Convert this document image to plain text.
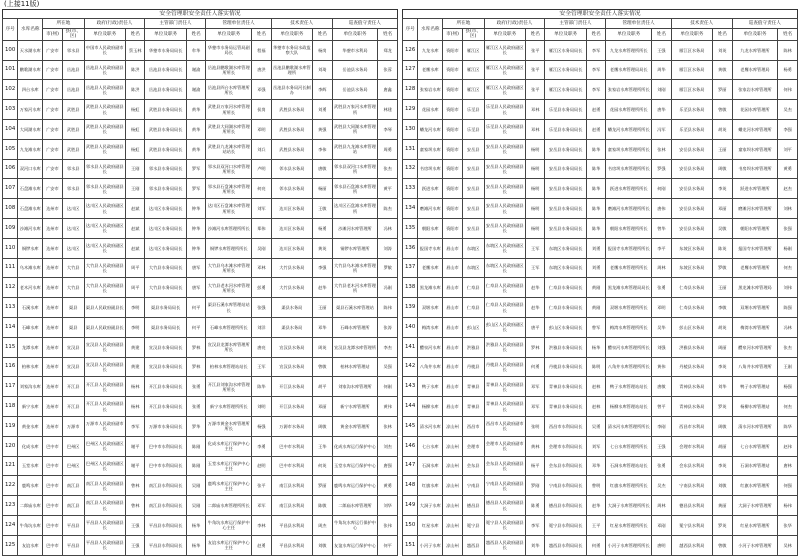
(上接11版)
安全管理职安全责任人落实情况
序号	水库名称	所在地		政府(行政)责任人		主管部门责任人		管理单位责任人		技术责任人		巡查值守责任人	
		市(州)	县(市、区)	单位及职务	姓名	单位及职务	姓名	单位及职务	姓名	单位及职务	姓名	单位及职务	姓名
100	天水湖水库	广安市	邻水县	中国市人民政府副市长	蔡玉林	华蓥市水务局局长	牟华	华蓥市水务局运管局副局长	程福	华蓥市水务局水政监察大队	杨岗	华蓥市水利局	郑龙
101	鹏歌湖水库	广安市	岳池县	岳池县人民政府副县长	陈洪	岳池县水务局局长	谢渝	岳池县鹏歌湖水库管理所所长	唐洪	岳池县鹏歌湖水库管理所	刘琦	岳池县水务局	张蓉
102	四台水库	广安市	岳池县	岳池县人民政府副县长	陈洪	岳池县水务局局长	谢渝	岳池县四台水库管理所所长	邓强	岳池县水务局河长制办	李辉	岳池县水务局	唐鑫
103	万家河水库	广安市	武胜县	武胜县人民政府副县长	杨虹	武胜县水务局局长	黄华	武胜县万家河水库管理所所长	侯岗	武胜县水务局	刘勇	武胜县万家河水库管理所	林建
104	大同湖水库	广安市	武胜县	武胜县人民政府副县长	杨虹	武胜县水务局局长	黄华	武胜县大同湖水库管理所所长	邓明	武胜县水务局	黄强	武胜县大同湖水库管理所	李琴
105	九龙滩水库	广安市	武胜县	武胜县人民政府副县长	杨虹	武胜县水务局局长	黄华	武胜县九龙滩水库管理站站长	刘兵	武胜县水务局	李伟	武胜县九龙滩水库管理站	周勇
106	双河口水库	广安市	邻水县	邻水县人民政府副县长	王刚	邻水县水务局局长	罗军	邻水县双河口水库管理所所长	卢明	邻水县水务局	唐敏	邻水县双河口水库管理所	张杰
107	石盘滩水库	广安市	邻水县	邻水县人民政府副县长	王刚	邻水县水务局局长	罗军	邻水县石盘滩水库管理所所长	何亮	邻水县水务局	杨丽	邻水县石盘滩水库管理所	黄平
108	石盘滩水库	达州市	达川区	达川区人民政府副区长	赵斌	达川区水务局局长	钟华	达川区石盘滩水库管理所所长	刘军	达川区水务局	王敏	达川区石盘滩水库管理所	陈杰
109	沙滩河水库	达州市	达川区	达川区人民政府副区长	赵斌	达川区水务局局长	钟华	沙滩河水库管理所所长	郑伟	达川区水务局	杨勇	沙滩河水库管理所	冯林
110	铜锣水库	达州市	达川区	达川区人民政府副区长	赵斌	达川区水务局局长	钟华	铜锣水库管理所所长	吴刚	达川区水务局	黄英	铜锣水库管理所	刘涛
111	乌木滩水库	达州市	大竹县	大竹县人民政府副县长	周平	大竹县水务局局长	唐军	大竹县乌木滩水库管理所所长	邓林	大竹县水务局	李强	大竹县乌木滩水库管理所	罗敏
112	老木河水库	达州市	大竹县	大竹县人民政府副县长	周平	大竹县水务局局长	唐军	大竹县老木河水库管理所所长	彭勇	大竹县水务局	赵华	大竹县老木河水库管理所	冯刚
113	石溪水库	达州市	渠县	渠县人民政府副县长	李明	渠县水务局局长	何平	渠县石溪水库管理站站长	张强	渠县水务局	王丽	渠县石溪水库管理站	陈伟
114	石峰水库	达州市	渠县	渠县人民政府副县长	李明	渠县水务局局长	何平	石峰水库管理所所长	刘洋	渠县水务局	邓华	石峰水库管理所	张涛
115	龙潭水库	达州市	宣汉县	宣汉县人民政府副县长	黄建	宣汉县水务局局长	罗林	宣汉县龙潭水库管理所所长	唐亮	宣汉县水务局	周英	宣汉县龙潭水库管理所	李杰
116	柏林水库	达州市	宣汉县	宣汉县人民政府副县长	黄建	宣汉县水务局局长	罗林	柏林水库管理站站长	王军	宣汉县水务局	曾敏	柏林水库管理站	吴强
117	刘家沟水库	达州市	开江县	开江县人民政府副县长	杨林	开江县水务局局长	张勇	开江县刘家沟水库管理所所长	陈华	开江县水务局	胡平	刘家沟水库管理所	何刚
118	新宁水库	达州市	开江县	开江县人民政府副县长	杨林	开江县水务局局长	张勇	新宁水库管理所所长	刘明	开江县水务局	邓丽	新宁水库管理所	黄伟
119	黄金水库	达州市	万源市	万源市人民政府副市长	李军	万源市水务局局长	罗华	万源市黄金水库管理所所长	杨强	万源市水务局	周敏	黄金水库管理所	张林
120	化成水库	巴中市	巴州区	巴州区人民政府副区长	谢平	巴中市水利局局长	陈刚	化成水库运行保护中心主任	李勇	巴中市水利局	王华	化成水库运行保护中心	刘杰
121	玉堂水库	巴中市	巴州区	巴州区人民政府副区长	谢平	巴中市水利局局长	陈刚	玉堂水库运行保护中心主任	赵明	巴中市水利局	何英	玉堂水库运行保护中心	唐强
122	鹿鸣水库	巴中市	南江县	南江县人民政府副县长	曾林	南江县水利局局长	吴刚	鹿鸣水库运行保护中心主任	张平	南江县水利局	罗丽	鹿鸣水库运行保护中心	黄勇
123	二郎庙水库	巴中市	南江县	南江县人民政府副县长	曾林	南江县水利局局长	吴刚	二郎庙水库管理所所长	邓军	南江县水利局	陈敏	二郎庙水库管理所	刘华
124	牛角坑水库	巴中市	平昌县	平昌县人民政府副县长	王强	平昌县水利局局长	杨华	牛角坑水库运行保护中心主任	李林	平昌县水利局	周杰	牛角坑水库运行保护中心	张伟
125	友谊水库	巴中市	平昌县	平昌县人民政府副县长	王强	平昌县水利局局长	杨华	友谊水库运行保护中心主任	赵勇	平昌县水利局	刘敏	友谊水库运行保护中心	何平
安全管理职安全责任人落实情况
序号	水库名称	所在地		政府(行政)责任人		主管部门责任人		管理单位责任人		技术责任人		巡查值守责任人	
		市(州)	县(市、区)	单位及职务	姓名	单位及职务	姓名	单位及职务	姓名	单位及职务	姓名	单位及职务	姓名
126	九龙水库	资阳市	雁江区	雁江区人民政府副区长	张平	雁江区水务局局长	李军	九龙水库管理所所长	王强	雁江区水务局	刘英	九龙水库管理所	陈林
127	老鹰水库	资阳市	雁江区	雁江区人民政府副区长	张平	雁江区水务局局长	李军	老鹰水库管理局局长	周华	雁江区水务局	黄敏	老鹰水库管理局	杨勇
128	张家岩水库	资阳市	雁江区	雁江区人民政府副区长	张平	雁江区水务局局长	李军	张家岩水库管理所所长	刘刚	雁江区水务局	罗丽	张家岩水库管理所	何伟
129	花园水库	资阳市	乐至县	乐至县人民政府副县长	邓林	乐至县水务局局长	赵勇	花园水库管理所所长	唐华	乐至县水务局	曾敏	花园水库管理所	吴杰
130	蟠龙河水库	资阳市	乐至县	乐至县人民政府副县长	邓林	乐至县水务局局长	赵勇	蟠龙河水库管理所所长	冯军	乐至县水务局	胡英	蟠龙河水库管理所	李强
131	童家坝水库	资阳市	安岳县	安岳县人民政府副县长	杨明	安岳县水务局局长	陈华	童家坝水库管理所所长	张林	安岳县水务局	王丽	童家坝水库管理所	刘平
132	书房坝水库	资阳市	安岳县	安岳县人民政府副县长	杨明	安岳县水务局局长	陈华	书房坝水库管理所所长	罗强	安岳县水务局	周敏	书房坝水库管理所	黄勇
133	跃进水库	资阳市	安岳县	安岳县人民政府副县长	杨明	安岳县水务局局长	陈华	跃进水库管理所所长	何刚	安岳县水务局	李英	跃进水库管理所	赵杰
134	磨滩河水库	资阳市	安岳县	安岳县人民政府副县长	杨明	安岳县水务局局长	陈华	磨滩河水库管理所所长	唐伟	安岳县水务局	邓丽	磨滩河水库管理所	刘林
135	朝阳水库	资阳市	安岳县	安岳县人民政府副县长	杨明	安岳县水务局局长	陈华	朝阳水库管理所所长	曾华	安岳县水务局	吴敏	朝阳水库管理所	张强
136	报国寺水库	眉山市	东坡区	东坡区人民政府副区长	王军	东坡区水务局局长	刘勇	报国寺水库管理所所长	李平	东坡区水务局	陈英	报国寺水库管理所	杨刚
137	老鹰水库	眉山市	东坡区	东坡区人民政府副区长	王军	东坡区水务局局长	刘勇	老鹰水库管理所所长	周林	东坡区水务局	罗敏	老鹰水库管理所	何杰
138	黑龙滩水库	眉山市	仁寿县	仁寿县人民政府副县长	赵华	仁寿县水务局局长	黄刚	黑龙滩水库管理局局长	张勇	仁寿县水务局	王丽	黑龙滩水库管理局	刘伟
139	双堰水库	眉山市	仁寿县	仁寿县人民政府副县长	赵华	仁寿县水务局局长	黄刚	双堰水库管理所所长	邓明	仁寿县水务局	李敏	双堰水库管理所	陈强
140	梅湾水库	眉山市	彭山区	彭山区人民政府副区长	唐平	彭山区水务局局长	曾军	梅湾水库管理所所长	吴华	彭山区水务局	胡英	梅湾水库管理所	冯林
141	醴泉河水库	眉山市	洪雅县	洪雅县人民政府副县长	罗林	洪雅县水务局局长	杨华	醴泉河水库管理所所长	刘强	洪雅县水务局	周丽	醴泉河水库管理所	张杰
142	八角井水库	眉山市	丹棱县	丹棱县人民政府副县长	何勇	丹棱县水务局局长	陈明	八角井水库管理所所长	黄伟	丹棱县水务局	李英	八角井水库管理所	王刚
143	鸭子水库	眉山市	青神县	青神县人民政府副县长	邓军	青神县水务局局长	赵林	鸭子水库管理站站长	唐敏	青神县水务局	刘华	鸭子水库管理站	杨强
144	杨柳水库	眉山市	青神县	青神县人民政府副县长	邓军	青神县水务局局长	赵林	杨柳水库管理站站长	曾平	青神县水务局	罗英	杨柳水库管理站	何杰
145	清水河水库	凉山州	西昌市	西昌市人民政府副市长	张明	西昌市水利局局长	吴勇	清水河水库管理所所长	李刚	西昌市水利局	周敏	清水河水库管理所	陈华
146	七台水库	凉山州	会理市	会理市人民政府副市长	黄林	会理市水利局局长	刘军	七台水库管理所所长	王强	会理市水利局	胡丽	七台水库管理所	赵伟
147	石洞水库	凉山州	会东县	会东县人民政府副县长	杨平	会东县水利局局长	邓华	石洞水库管理站站长	张勇	会东县水利局	李英	石洞水库管理站	唐林
148	红旗水库	凉山州	宁南县	宁南县人民政府副县长	罗刚	宁南县水利局局长	曾明	红旗水库管理所所长	吴杰	宁南县水利局	刘敏	红旗水库管理所	何强
149	大洞子水库	凉山州	德昌县	德昌县人民政府副县长	陈勇	德昌县水利局局长	赵华	大洞子水库管理所所长	周林	德昌县水利局	黄丽	大洞子水库管理所	杨伟
150	红星水库	凉山州	冕宁县	冕宁县人民政府副县长	李军	冕宁县水利局局长	王平	红星水库管理所所长	邓刚	冕宁县水利局	罗英	红星水库管理所	张华
151	小河子水库	凉山州	越西县	越西县人民政府副县长	刘华	越西县水利局局长	何勇	小河子水库管理所所长	唐明	越西县水利局	曾敏	小河子水库管理所	吴林
